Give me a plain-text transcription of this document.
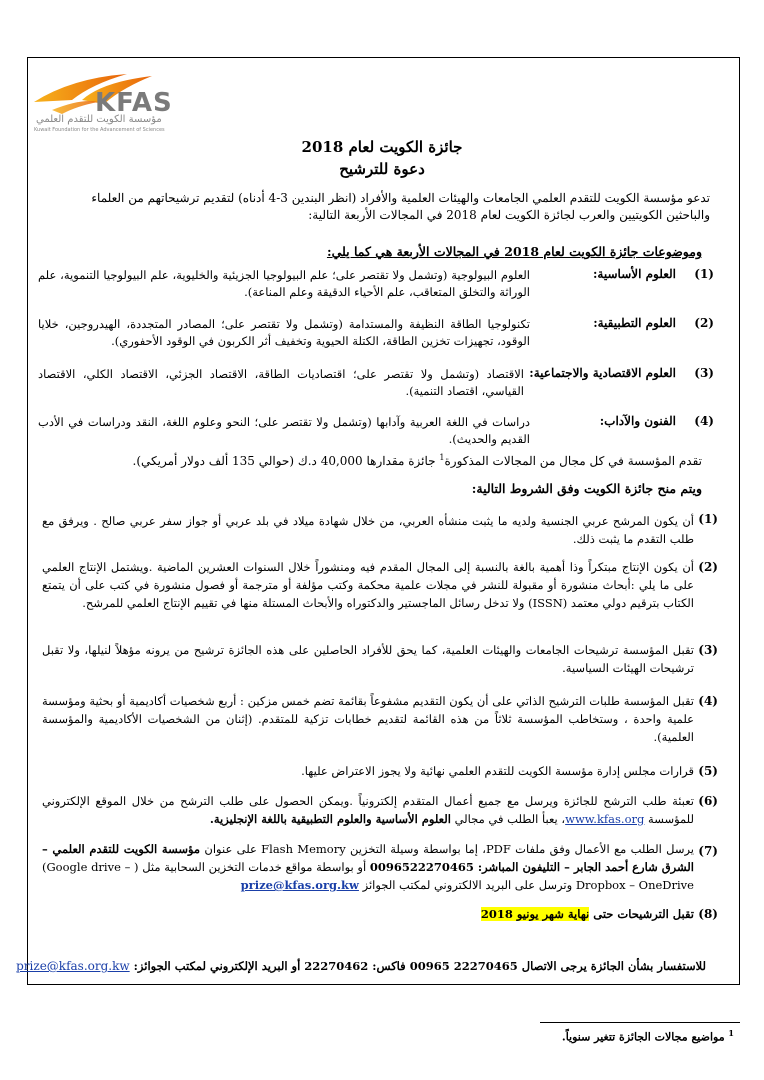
KFAS
مؤسسة الكويت للتقدم العلمي
Kuwait Foundation for the Advancement of Sciences
جائزة الكويت لعام 2018
دعوة للترشيح
تدعو مؤسسة الكويت للتقدم العلمي الجامعات والهيئات العلمية والأفراد (انظر البندين 3-4 أدناه) لتقديم ترشيحاتهم من العلماء والباحثين الكويتيين والعرب لجائزة الكويت لعام 2018 في المجالات الأربعة التالية:
وموضوعات جائزة الكويت لعام 2018 في المجالات الأربعة هي كما يلي:
(1)
العلوم الأساسية:
العلوم البيولوجية (وتشمل ولا تقتصر على؛ علم البيولوجيا الجزيئية والخليوية، علم البيولوجيا التنموية، علم الوراثة والتخلق المتعاقب، علم الأحياء الدقيقة وعلم المناعة).
(2)
العلوم التطبيقية:
تكنولوجيا الطاقة النظيفة والمستدامة (وتشمل ولا تقتصر على؛ المصادر المتجددة، الهيدروجين، خلايا الوقود، تجهيزات تخزين الطاقة، الكتلة الحيوية وتخفيف أثر الكربون في الوقود الأحفوري).
(3)
العلوم الاقتصادية والاجتماعية:
الاقتصاد (وتشمل ولا تقتصر على؛ اقتصاديات الطاقة، الاقتصاد الجزئي، الاقتصاد الكلي، الاقتصاد القياسي، اقتصاد التنمية).
(4)
الفنون والآداب:
دراسات في اللغة العربية وآدابها (وتشمل ولا تقتصر على؛ النحو وعلوم اللغة، النقد ودراسات في الأدب القديم والحديث).
تقدم المؤسسة في كل مجال من المجالات المذكورة$^1$ جائزة مقدارها 40,000 د.ك (حوالي 135 ألف دولار أمريكي).
ويتم منح جائزة الكويت وفق الشروط التالية:
(1)
أن يكون المرشح عربي الجنسية ولديه ما يثبت منشأه العربي، من خلال شهادة ميلاد في بلد عربي أو جواز سفر عربي صالح . ويرفق مع طلب التقدم ما يثبت ذلك.
(2)
أن يكون الإنتاج مبتكراً وذا أهمية بالغة بالنسبة إلى المجال المقدم فيه ومنشوراً خلال السنوات العشرين الماضية .ويشتمل الإنتاج العلمي على ما يلي :أبحاث منشورة أو مقبولة للنشر في مجلات علمية محكمة وكتب مؤلفة أو مترجمة أو فصول منشورة في كتب على أن يتمتع الكتاب بترقيم دولي معتمد (ISSN) ولا تدخل رسائل الماجستير والدكتوراه والأبحاث المستلة منها في تقييم الإنتاج العلمي للمرشح.
(3)
تقبل المؤسسة ترشيحات الجامعات والهيئات العلمية، كما يحق للأفراد الحاصلين على هذه الجائزة ترشيح من يرونه مؤهلاً لنيلها، ولا تقبل ترشيحات الهيئات السياسية.
(4)
تقبل المؤسسة طلبات الترشيح الذاتي على أن يكون التقديم مشفوعاً بقائمة تضم خمس مزكين : أربع شخصيات أكاديمية أو بحثية ومؤسسة علمية واحدة ، وستخاطب المؤسسة ثلاثاً من هذه القائمة لتقديم خطابات تزكية للمتقدم. (إثنان من الشخصيات الأكاديمية والمؤسسة العلمية).
(5)
قرارات مجلس إدارة مؤسسة الكويت للتقدم العلمي نهائية ولا يجوز الاعتراض عليها.
(6)
تعبئة طلب الترشح للجائزة ويرسل مع جميع أعمال المتقدم إلكترونياً .ويمكن الحصول على طلب الترشح من خلال الموقع الإلكتروني للمؤسسة www.kfas.org، يعبأ الطلب في مجالي العلوم الأساسية والعلوم التطبيقية باللغة الإنجليزية.
(7)
يرسل الطلب مع الأعمال وفق ملفات PDF، إما بواسطة وسيلة التخزين Flash Memory على عنوان مؤسسة الكويت للتقدم العلمي – الشرق شارع أحمد الجابر – التليفون المباشر: 0096522270465 أو بواسطة مواقع خدمات التخزين السحابية مثل ( – Google drive) Dropbox – OneDrive وترسل على البريد الالكتروني لمكتب الجوائز prize@kfas.org.kw
(8)
تقبل الترشيحات حتى نهاية شهر يونيو 2018
للاستفسار بشأن الجائزة يرجى الاتصال 22270465 00965 فاكس: 22270462 أو البريد الإلكتروني لمكتب الجوائز: prize@kfas.org.kw
$^1$ مواضيع مجالات الجائزة تتغير سنوياً.
